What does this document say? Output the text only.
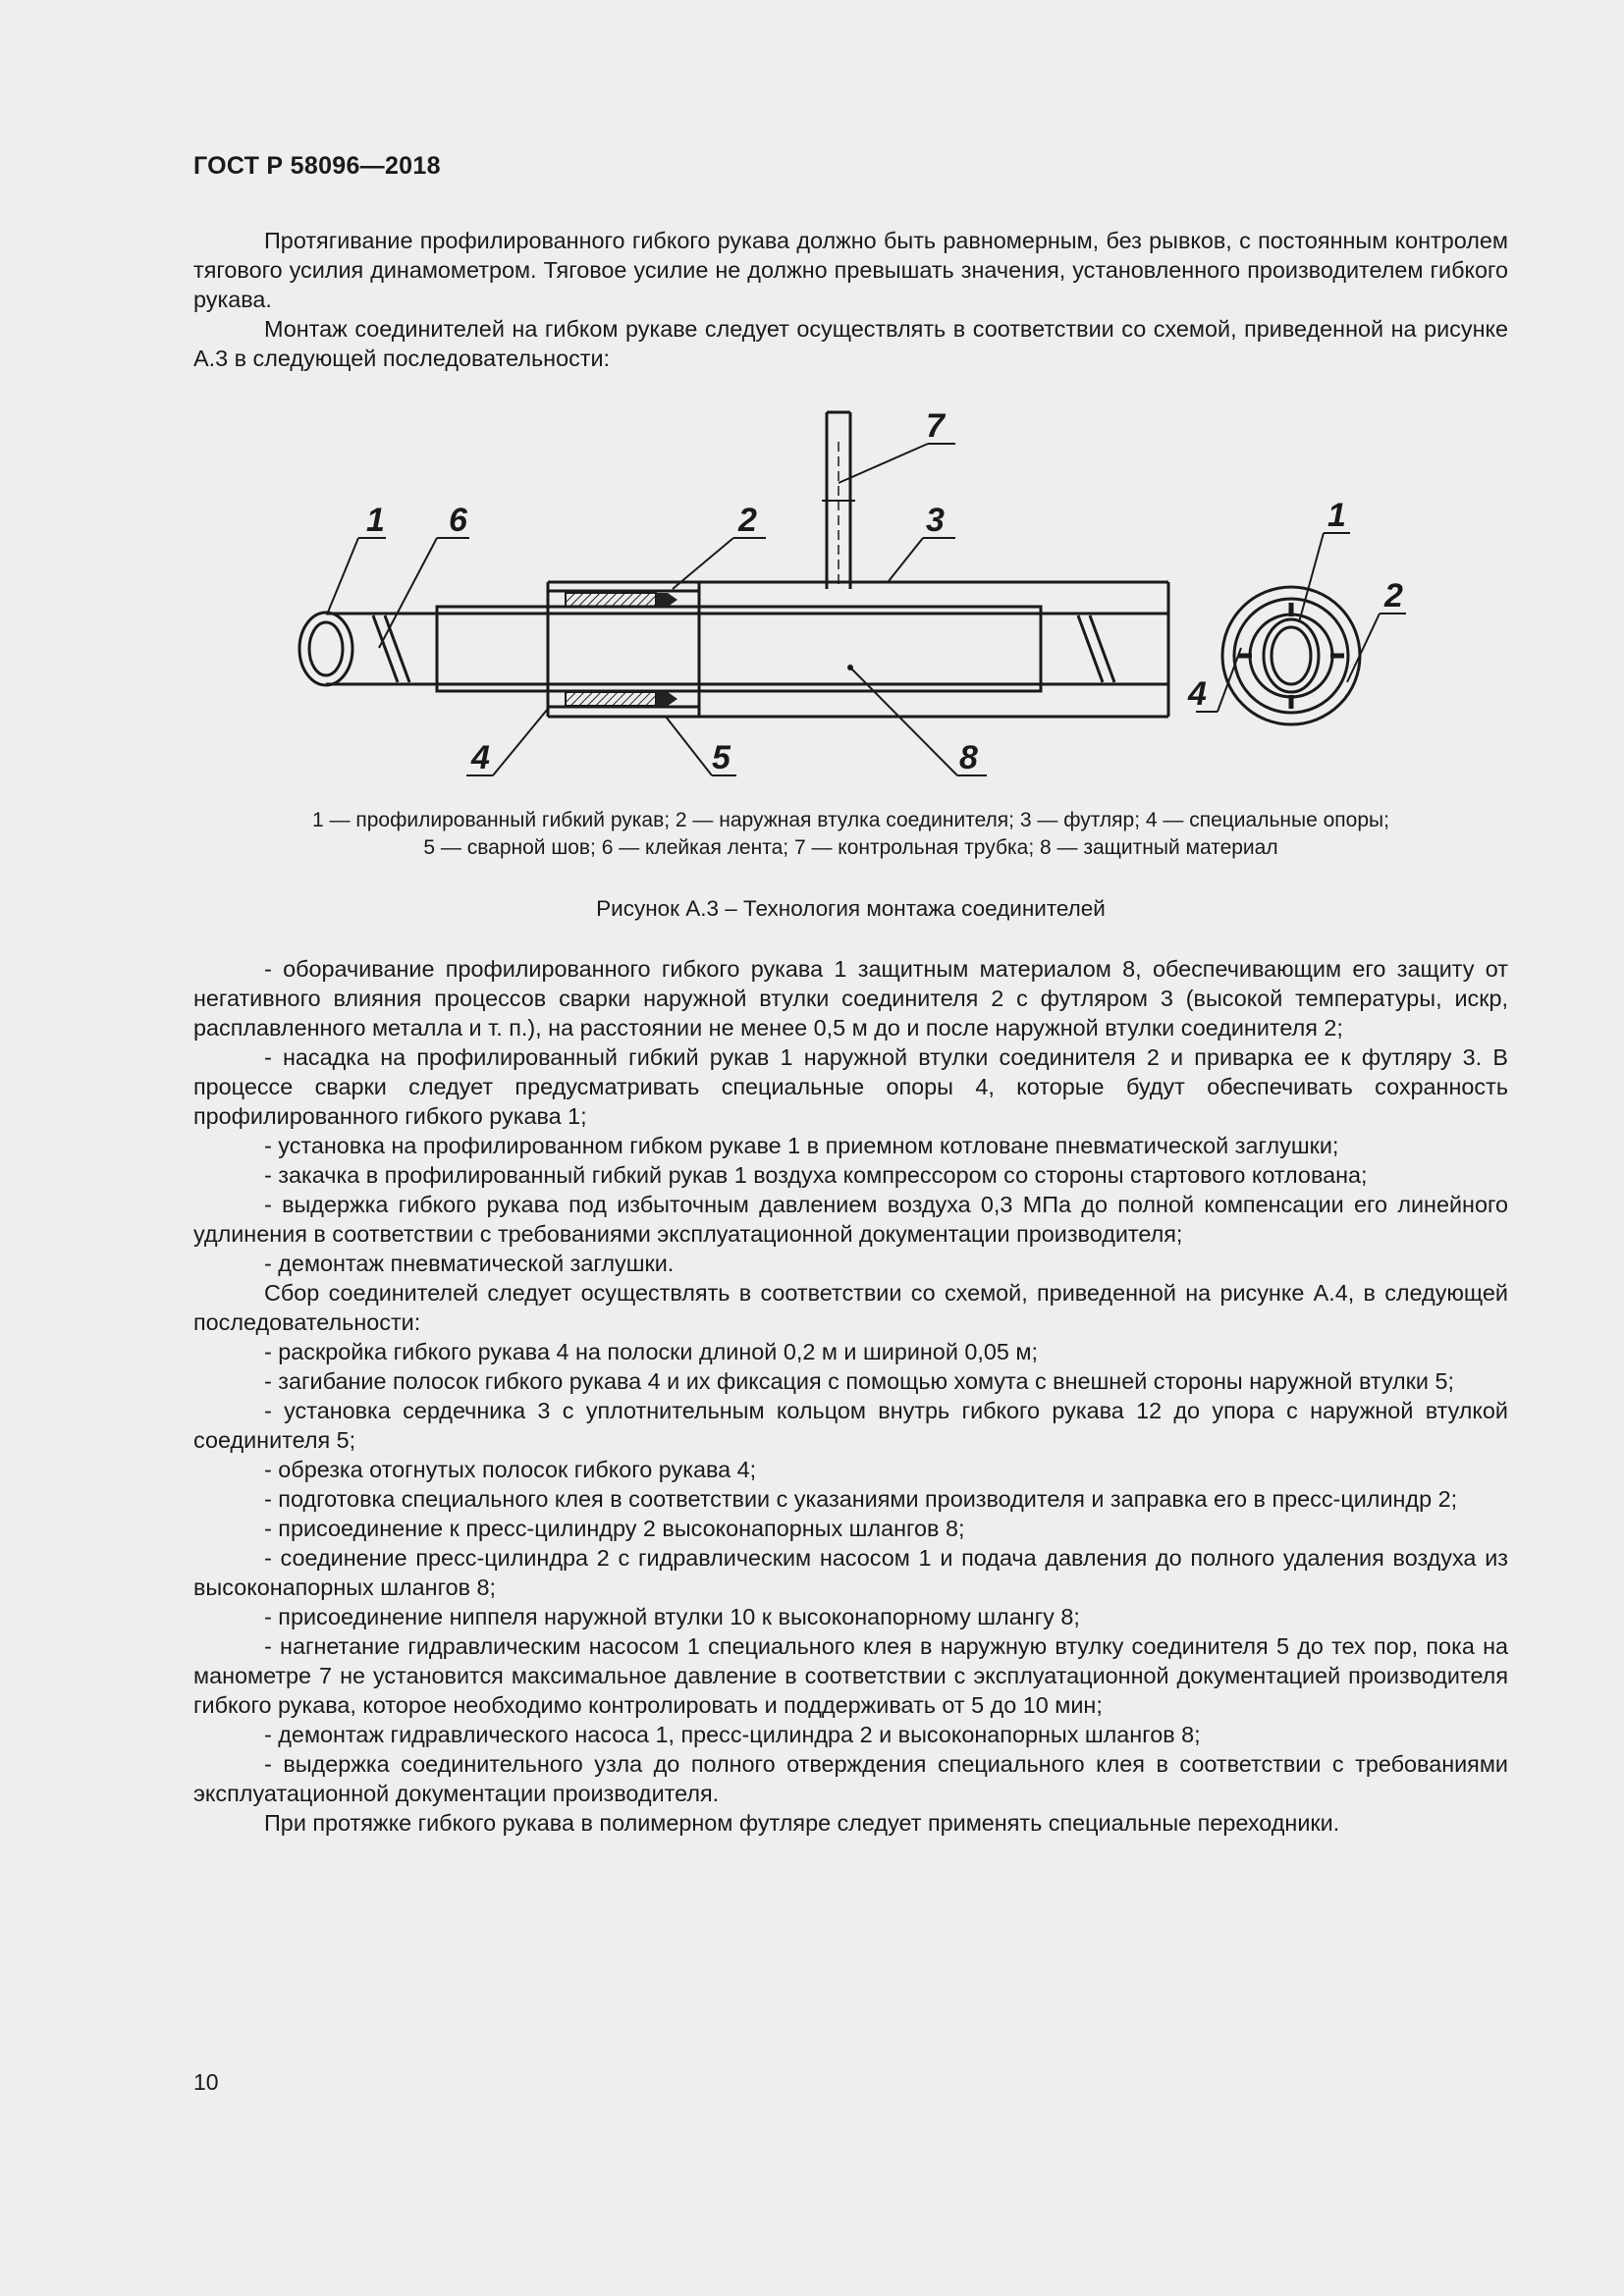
ГОСТ Р 58096—2018

Протягивание профилированного гибкого рукава должно быть равномерным, без рывков, с постоянным контролем тягового усилия динамометром. Тяговое усилие не должно превышать значения, установленного производителем гибкого рукава.

Монтаж соединителей на гибком рукаве следует осуществлять в соответствии со схемой, приведенной на рисунке А.3 в следующей последовательности:

1 6	2
7
3
4	5	8
1
2
4
1 — профилированный гибкий рукав; 2 — наружная втулка соединителя; 3 — футляр; 4 — специальные опоры;
5 — сварной шов; 6 — клейкая лента; 7 — контрольная трубка; 8 — защитный материал
Рисунок А.3 – Технология монтажа соединителей

- оборачивание профилированного гибкого рукава 1 защитным материалом 8, обеспечивающим его защиту от негативного влияния процессов сварки наружной втулки соединителя 2 с футляром 3 (высокой температуры, искр, расплавленного металла и т. п.), на расстоянии не менее 0,5 м до и после наружной втулки соединителя 2;

- насадка на профилированный гибкий рукав 1 наружной втулки соединителя 2 и приварка ее к футляру 3. В процессе сварки следует предусматривать специальные опоры 4, которые будут обеспечивать сохранность профилированного гибкого рукава 1;

- установка на профилированном гибком рукаве 1 в приемном котловане пневматической заглушки;

- закачка в профилированный гибкий рукав 1 воздуха компрессором со стороны стартового котлована;

- выдержка гибкого рукава под избыточным давлением воздуха 0,3 МПа до полной компенсации его линейного удлинения в соответствии с требованиями эксплуатационной документации производителя;

- демонтаж пневматической заглушки.

Сбор соединителей следует осуществлять в соответствии со схемой, приведенной на рисунке А.4, в следующей последовательности:

- раскройка гибкого рукава 4 на полоски длиной 0,2 м и шириной 0,05 м;

- загибание полосок гибкого рукава 4 и их фиксация с помощью хомута с внешней стороны наружной втулки 5;

- установка сердечника 3 с уплотнительным кольцом внутрь гибкого рукава 12 до упора с наружной втулкой соединителя 5;

- обрезка отогнутых полосок гибкого рукава 4;

- подготовка специального клея в соответствии с указаниями производителя и заправка его в пресс-цилиндр 2;

- присоединение к пресс-цилиндру 2 высоконапорных шлангов 8;

- соединение пресс-цилиндра 2 с гидравлическим насосом 1 и подача давления до полного удаления воздуха из высоконапорных шлангов 8;

- присоединение ниппеля наружной втулки 10 к высоконапорному шлангу 8;

- нагнетание гидравлическим насосом 1 специального клея в наружную втулку соединителя 5 до тех пор, пока на манометре 7 не установится максимальное давление в соответствии с эксплуатационной документацией производителя гибкого рукава, которое необходимо контролировать и поддерживать от 5 до 10 мин;

- демонтаж гидравлического насоса 1, пресс-цилиндра 2 и высоконапорных шлангов 8;

- выдержка соединительного узла до полного отверждения специального клея в соответствии с требованиями эксплуатационной документации производителя.

При протяжке гибкого рукава в полимерном футляре следует применять специальные переходники.

10
